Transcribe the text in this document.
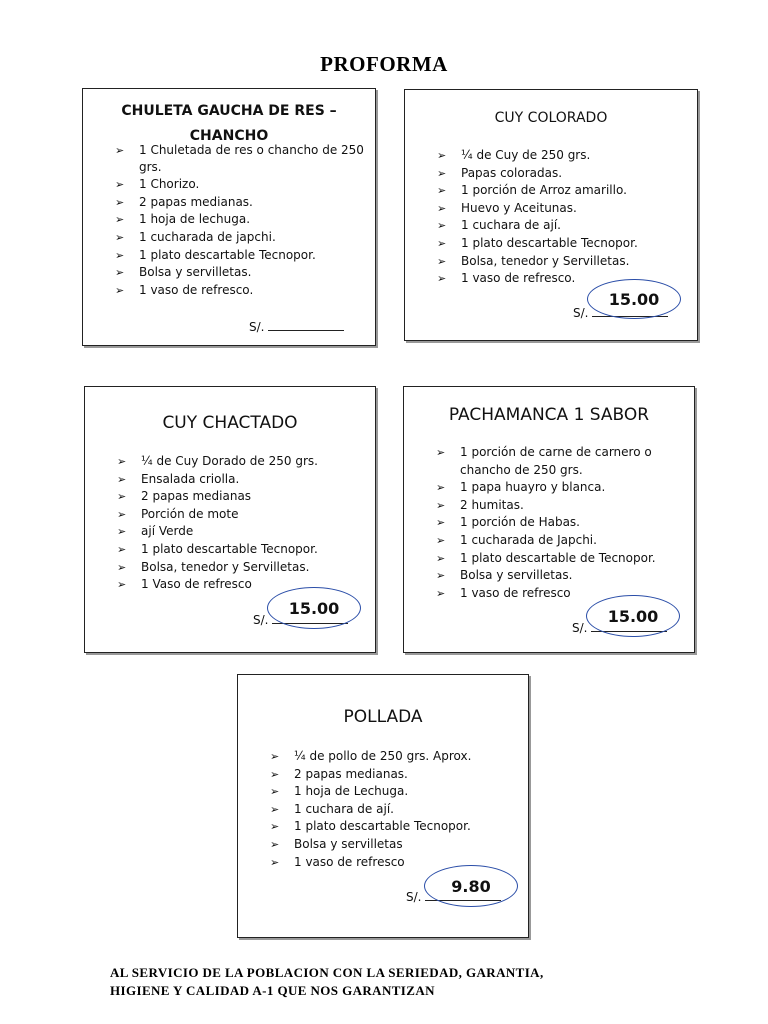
PROFORMA
CHULETA GAUCHA DE RES –
CHANCHO
➢ 1 Chuletada de res o chancho de 250
grs.
➢ 1 Chorizo.
➢ 2 papas medianas.
➢ 1 hoja de lechuga.
➢ 1 cucharada de japchi.
➢ 1 plato descartable Tecnopor.
➢ Bolsa y servilletas.
➢ 1 vaso de refresco.
S/.
CUY COLORADO
➢ ¼ de Cuy de 250 grs.
➢ Papas coloradas.
➢ 1 porción de Arroz amarillo.
➢ Huevo y Aceitunas.
➢ 1 cuchara de ají.
➢ 1 plato descartable Tecnopor.
➢ Bolsa, tenedor y Servilletas.
➢ 1 vaso de refresco.
S/.
15.00
CUY CHACTADO
➢ ¼ de Cuy Dorado de 250 grs.
➢ Ensalada criolla.
➢ 2 papas medianas
➢ Porción de mote
➢ ají Verde
➢ 1 plato descartable Tecnopor.
➢ Bolsa, tenedor y Servilletas.
➢ 1 Vaso de refresco
S/.
15.00
PACHAMANCA 1 SABOR
➢ 1 porción de carne de carnero o
chancho de 250 grs.
➢ 1 papa huayro y blanca.
➢ 2 humitas.
➢ 1 porción de Habas.
➢ 1 cucharada de Japchi.
➢ 1 plato descartable de Tecnopor.
➢ Bolsa y servilletas.
➢ 1 vaso de refresco
S/.
15.00
POLLADA
➢ ¼ de pollo de 250 grs. Aprox.
➢ 2 papas medianas.
➢ 1 hoja de Lechuga.
➢ 1 cuchara de ají.
➢ 1 plato descartable Tecnopor.
➢ Bolsa y servilletas
➢ 1 vaso de refresco
S/.
9.80
AL SERVICIO DE LA POBLACION CON LA SERIEDAD, GARANTIA,
HIGIENE Y CALIDAD A-1 QUE NOS GARANTIZAN
